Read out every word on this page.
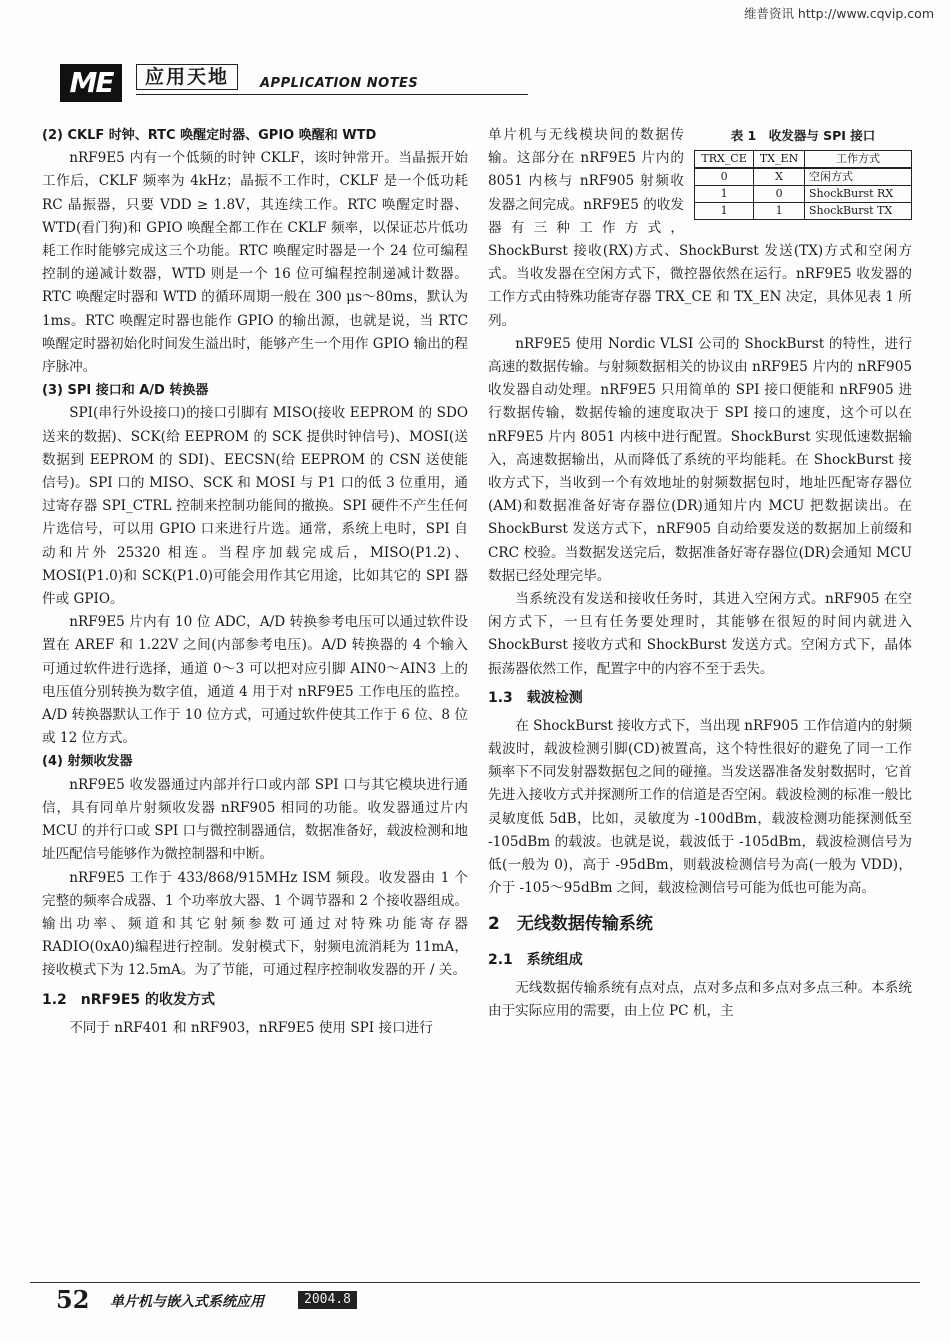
维普资讯 http://www.cqvip.com
ME	应用天地	APPLICATION NOTES

(2) CKLF 时钟、RTC 唤醒定时器、GPIO 唤醒和 WTD

nRF9E5 内有一个低频的时钟 CKLF，该时钟常开。当晶振开始工作后，CKLF 频率为 4kHz；晶振不工作时，CKLF 是一个低功耗 RC 晶振器，只要 VDD ≥ 1.8V，其连续工作。RTC 唤醒定时器、WTD(看门狗)和 GPIO 唤醒全都工作在 CKLF 频率，以保证芯片低功耗工作时能够完成这三个功能。RTC 唤醒定时器是一个 24 位可编程控制的递减计数器，WTD 则是一个 16 位可编程控制递减计数器。RTC 唤醒定时器和 WTD 的循环周期一般在 300 μs～80ms，默认为 1ms。RTC 唤醒定时器也能作 GPIO 的输出源，也就是说，当 RTC 唤醒定时器初始化时间发生溢出时，能够产生一个用作 GPIO 输出的程序脉冲。

(3) SPI 接口和 A/D 转换器

SPI(串行外设接口)的接口引脚有 MISO(接收 EEPROM 的 SDO 送来的数据)、SCK(给 EEPROM 的 SCK 提供时钟信号)、MOSI(送数据到 EEPROM 的 SDI)、EECSN(给 EEPROM 的 CSN 送使能信号)。SPI 口的 MISO、SCK 和 MOSI 与 P1 口的低 3 位重用，通过寄存器 SPI_CTRL 控制来控制功能间的撤换。SPI 硬件不产生任何片选信号，可以用 GPIO 口来进行片选。通常，系统上电时，SPI 自动和片外 25320 相连。当程序加载完成后，MISO(P1.2)、MOSI(P1.0)和 SCK(P1.0)可能会用作其它用途，比如其它的 SPI 器件或 GPIO。

nRF9E5 片内有 10 位 ADC，A/D 转换参考电压可以通过软件设置在 AREF 和 1.22V 之间(内部参考电压)。A/D 转换器的 4 个输入可通过软件进行选择，通道 0～3 可以把对应引脚 AIN0～AIN3 上的电压值分别转换为数字值，通道 4 用于对 nRF9E5 工作电压的监控。A/D 转换器默认工作于 10 位方式，可通过软件使其工作于 6 位、8 位或 12 位方式。

(4) 射频收发器

nRF9E5 收发器通过内部并行口或内部 SPI 口与其它模块进行通信，具有同单片射频收发器 nRF905 相同的功能。收发器通过片内 MCU 的并行口或 SPI 口与微控制器通信，数据准备好，载波检测和地址匹配信号能够作为微控制器和中断。

nRF9E5 工作于 433/868/915MHz ISM 频段。收发器由 1 个完整的频率合成器、1 个功率放大器、1 个调节器和 2 个接收器组成。输出功率、频道和其它射频参数可通过对特殊功能寄存器 RADIO(0xA0)编程进行控制。发射模式下，射频电流消耗为 11mA，接收模式下为 12.5mA。为了节能，可通过程序控制收发器的开 / 关。

1.2　nRF9E5 的收发方式

不同于 nRF401 和 nRF903，nRF9E5 使用 SPI 接口进行

表 1　收发器与 SPI 接口
TRX_CE	TX_EN	工作方式
0	X	空闲方式
1	0	ShockBurst RX
1	1	ShockBurst TX

单片机与无线模块间的数据传输。这部分在 nRF9E5 片内的 8051 内核与 nRF905 射频收发器之间完成。nRF9E5 的收发器有三种工作方式，ShockBurst 接收(RX)方式、ShockBurst 发送(TX)方式和空闲方式。当收发器在空闲方式下，微控器依然在运行。nRF9E5 收发器的工作方式由特殊功能寄存器 TRX_CE 和 TX_EN 决定，具体见表 1 所列。

nRF9E5 使用 Nordic VLSI 公司的 ShockBurst 的特性，进行高速的数据传输。与射频数据相关的协议由 nRF9E5 片内的 nRF905 收发器自动处理。nRF9E5 只用简单的 SPI 接口便能和 nRF905 进行数据传输，数据传输的速度取决于 SPI 接口的速度，这个可以在 nRF9E5 片内 8051 内核中进行配置。ShockBurst 实现低速数据输入，高速数据输出，从而降低了系统的平均能耗。在 ShockBurst 接收方式下，当收到一个有效地址的射频数据包时，地址匹配寄存器位(AM)和数据准备好寄存器位(DR)通知片内 MCU 把数据读出。在 ShockBurst 发送方式下，nRF905 自动给要发送的数据加上前缀和 CRC 校验。当数据发送完后，数据准备好寄存器位(DR)会通知 MCU 数据已经处理完毕。

当系统没有发送和接收任务时，其进入空闲方式。nRF905 在空闲方式下，一旦有任务要处理时，其能够在很短的时间内就进入 ShockBurst 接收方式和 ShockBurst 发送方式。空闲方式下，晶体振荡器依然工作，配置字中的内容不至于丢失。

1.3　载波检测

在 ShockBurst 接收方式下，当出现 nRF905 工作信道内的射频载波时，载波检测引脚(CD)被置高，这个特性很好的避免了同一工作频率下不同发射器数据包之间的碰撞。当发送器准备发射数据时，它首先进入接收方式并探测所工作的信道是否空闲。载波检测的标准一般比灵敏度低 5dB，比如，灵敏度为 -100dBm，载波检测功能探测低至 -105dBm 的载波。也就是说，载波低于 -105dBm，载波检测信号为低(一般为 0)，高于 -95dBm，则载波检测信号为高(一般为 VDD)，介于 -105～95dBm 之间，载波检测信号可能为低也可能为高。

2　无线数据传输系统

2.1　系统组成

无线数据传输系统有点对点，点对多点和多点对多点三种。本系统由于实际应用的需要，由上位 PC 机，主

52 单片机与嵌入式系统应用	2004.8
